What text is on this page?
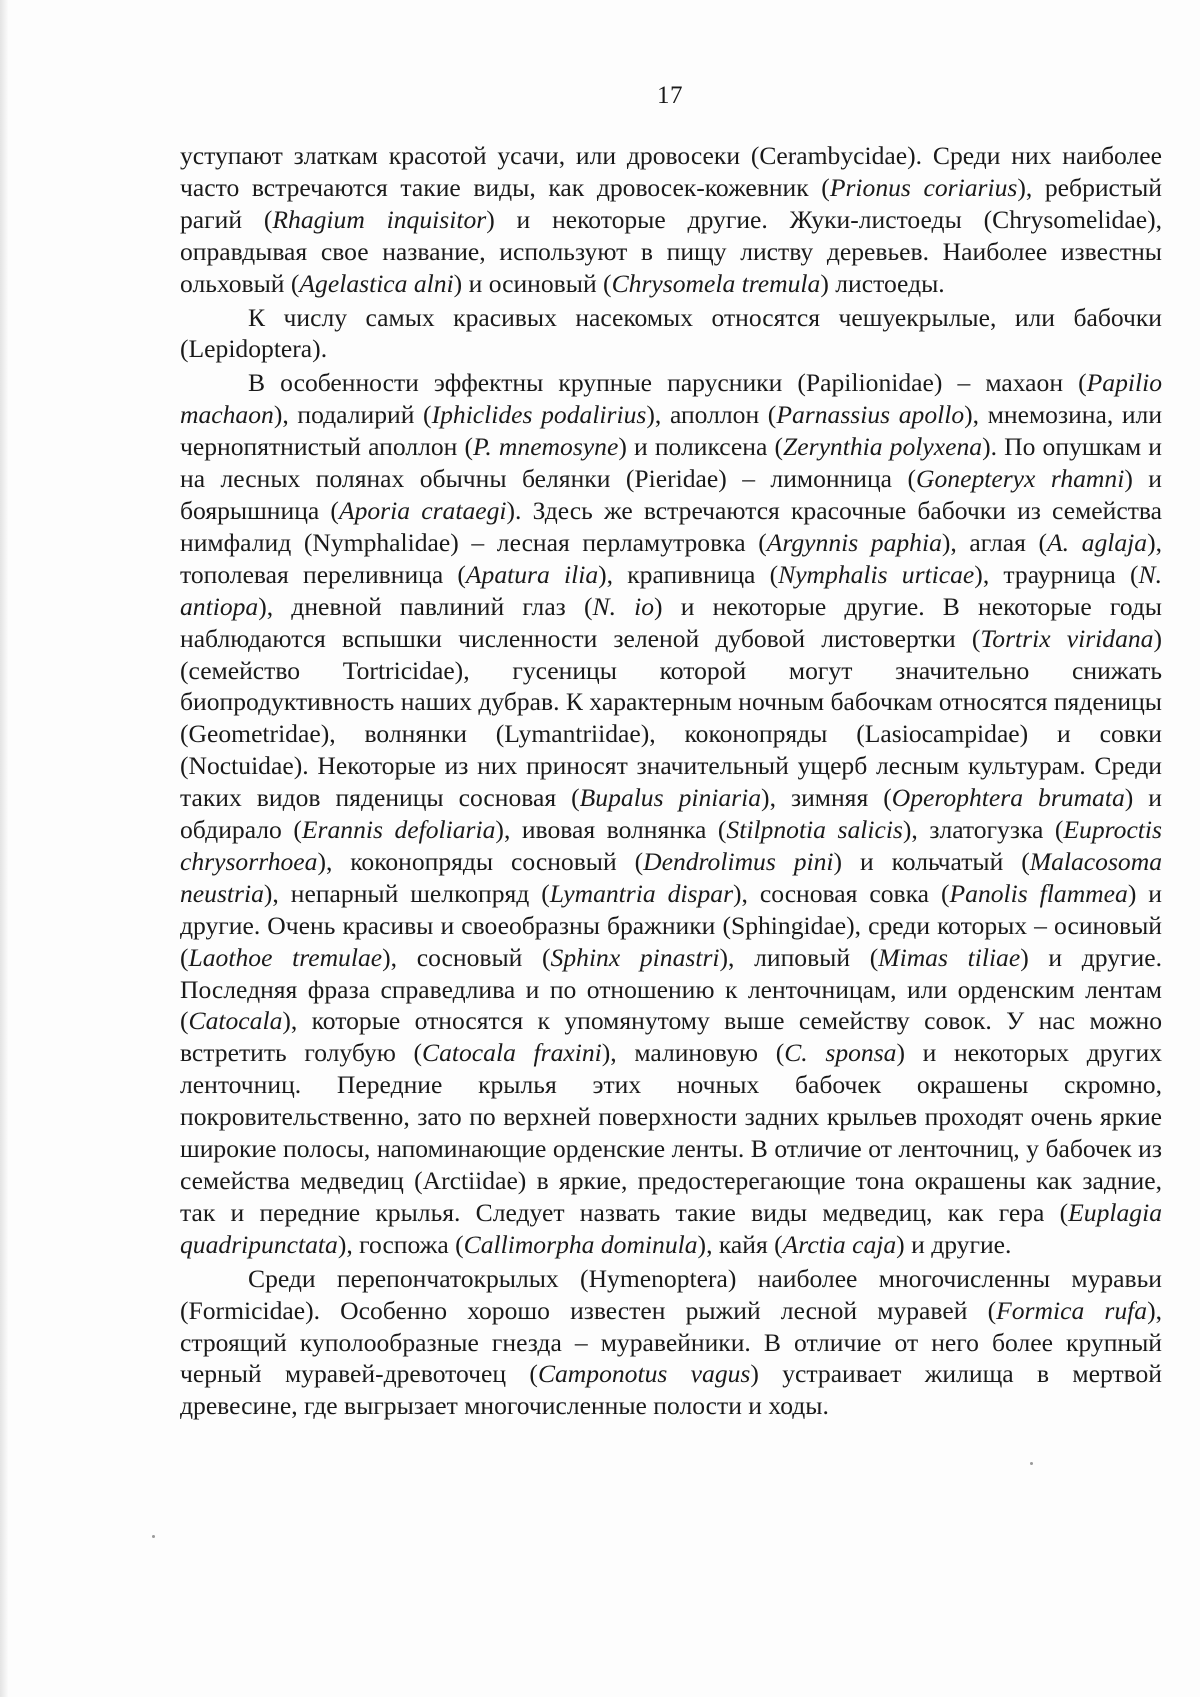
17

уступают златкам красотой усачи, или дровосеки (Cerambycidae). Среди них наиболее часто встречаются такие виды, как дровосек-кожевник (Prionus coriarius), ребристый рагий (Rhagium inquisitor) и некоторые другие. Жуки-листоеды (Chrysomelidae), оправдывая свое название, используют в пищу листву деревьев. Наиболее известны ольховый (Agelastica alni) и осиновый (Chrysomela tremula) листоеды.

К числу самых красивых насекомых относятся чешуекрылые, или бабочки (Lepidoptera).

В особенности эффектны крупные парусники (Papilionidae) – махаон (Papilio machaon), подалирий (Iphiclides podalirius), аполлон (Parnassius apollo), мнемозина, или чернопятнистый аполлон (P. mnemosyne) и поликсена (Zerynthia polyxena). По опушкам и на лесных полянах обычны белянки (Pieridae) – лимонница (Gonepteryx rhamni) и боярышница (Aporia crataegi). Здесь же встречаются красочные бабочки из семейства нимфалид (Nymphalidae) – лесная перламутровка (Argynnis paphia), аглая (A. aglaja), тополевая переливница (Apatura ilia), крапивница (Nymphalis urticae), траурница (N. antiopa), дневной павлиний глаз (N. io) и некоторые другие. В некоторые годы наблюдаются вспышки численности зеленой дубовой листовертки (Tortrix viridana) (семейство Tortricidae), гусеницы которой могут значительно снижать биопродуктивность наших дубрав. К характерным ночным бабочкам относятся пяденицы (Geometridae), волнянки (Lymantriidae), коконопряды (Lasiocampidae) и совки (Noctuidae). Некоторые из них приносят значительный ущерб лесным культурам. Среди таких видов пяденицы сосновая (Bupalus piniaria), зимняя (Operophtera brumata) и обдирало (Erannis defoliaria), ивовая волнянка (Stilpnotia salicis), златогузка (Euproctis chrysorrhoea), коконопряды сосновый (Dendrolimus pini) и кольчатый (Malacosoma neustria), непарный шелкопряд (Lymantria dispar), сосновая совка (Panolis flammea) и другие. Очень красивы и своеобразны бражники (Sphingidae), среди которых – осиновый (Laothoe tremulae), сосновый (Sphinx pinastri), липовый (Mimas tiliae) и другие. Последняя фраза справедлива и по отношению к ленточницам, или орденским лентам (Catocala), которые относятся к упомянутому выше семейству совок. У нас можно встретить голубую (Catocala fraxini), малиновую (C. sponsa) и некоторых других ленточниц. Передние крылья этих ночных бабочек окрашены скромно, покровительственно, зато по верхней поверхности задних крыльев проходят очень яркие широкие полосы, напоминающие орденские ленты. В отличие от ленточниц, у бабочек из семейства медведиц (Arctiidae) в яркие, предостерегающие тона окрашены как задние, так и передние крылья. Следует назвать такие виды медведиц, как гера (Euplagia quadripunctata), госпожа (Callimorpha dominula), кайя (Arctia caja) и другие.

Среди перепончатокрылых (Hymenoptera) наиболее многочисленны муравьи (Formicidae). Особенно хорошо известен рыжий лесной муравей (Formica rufa), строящий куполообразные гнезда – муравейники. В отличие от него более крупный черный муравей-древоточец (Camponotus vagus) устраивает жилища в мертвой древесине, где выгрызает многочисленные полости и ходы.
